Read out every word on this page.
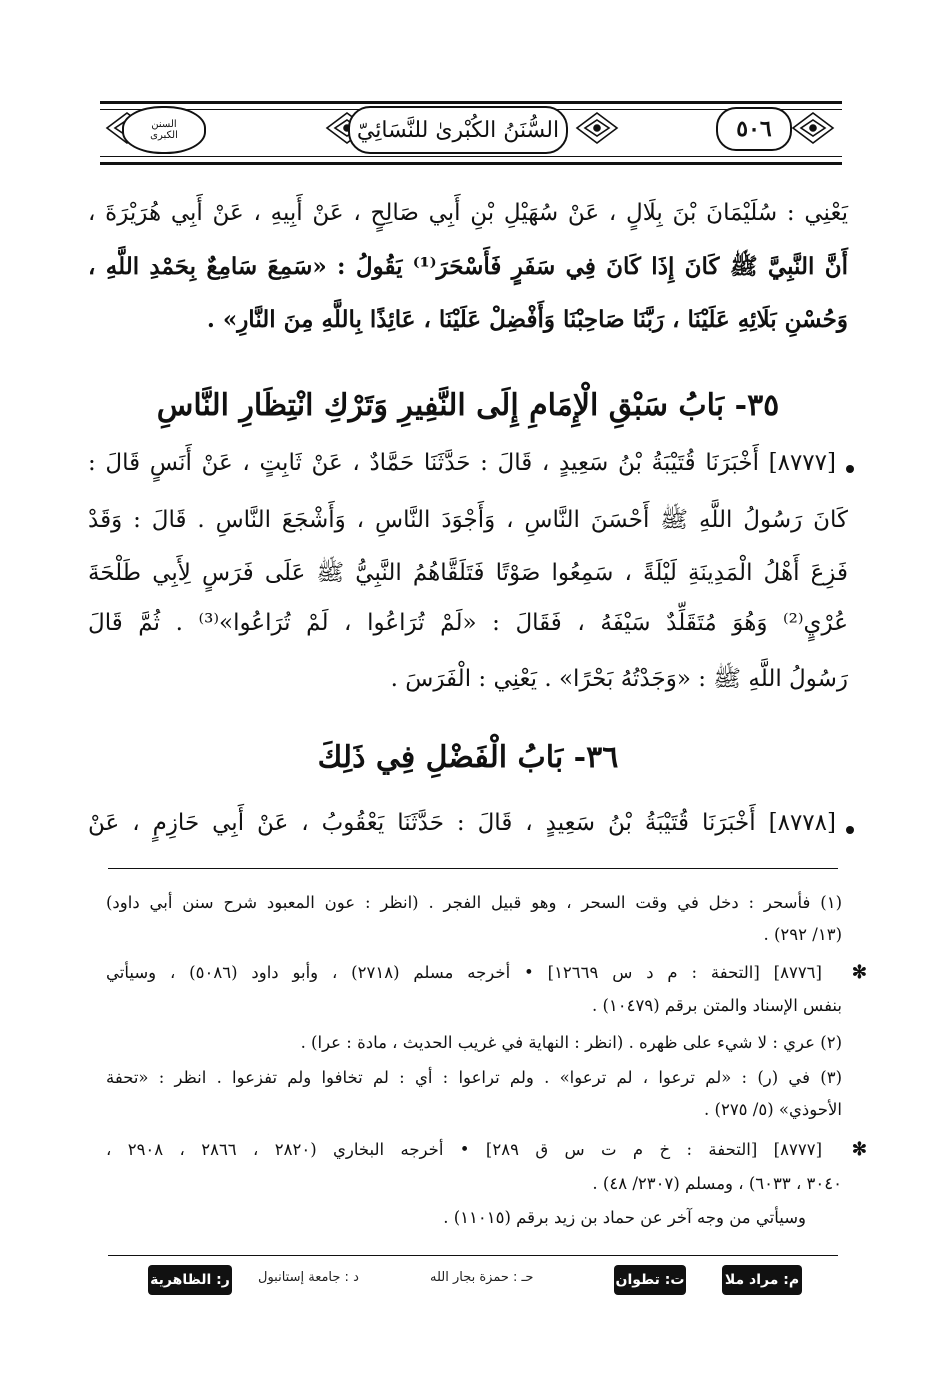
السنن
الكبرى	السُّنَنُ الكُبْرىٰ للنَّسَائِيّ	٥٠٦
يَعْنِي : سُلَيْمَانَ بْنَ بِلَالٍ ، عَنْ سُهَيْلِ بْنِ أَبِي صَالِحٍ ، عَنْ أَبِيهِ ، عَنْ أَبِي هُرَيْرَةَ ،
أَنَّ النَّبِيَّ ﷺ كَانَ إِذَا كَانَ فِي سَفَرٍ فَأَسْحَرَ⁽¹⁾ يَقُولُ : «سَمِعَ سَامِعٌ بِحَمْدِ اللَّهِ ،
وَحُسْنِ بَلَائِهِ عَلَيْنَا ، رَبَّنَا صَاحِبْنَا وَأَفْضِلْ عَلَيْنَا ، عَائِذًا بِاللَّهِ مِنَ النَّارِ» .
٣٥- بَابُ سَبْقِ الْإِمَامِ إِلَى النَّفِيرِ وَتَرْكِ انْتِظَارِ النَّاسِ
[٨٧٧٧] أَخْبَرَنَا قُتَيْبَةُ بْنُ سَعِيدٍ ، قَالَ : حَدَّثَنَا حَمَّادٌ ، عَنْ ثَابِتٍ ، عَنْ أَنَسٍ قَالَ :
كَانَ رَسُولُ اللَّهِ ﷺ أَحْسَنَ النَّاسِ ، وَأَجْوَدَ النَّاسِ ، وَأَشْجَعَ النَّاسِ . قَالَ : وَقَدْ
فَزِعَ أَهْلُ الْمَدِينَةِ لَيْلَةً ، سَمِعُوا صَوْتًا فَتَلَقَّاهُمُ النَّبِيُّ ﷺ عَلَى فَرَسٍ لِأَبِي طَلْحَةَ
عُرْيٍ⁽²⁾ وَهُوَ مُتَقَلِّدٌ سَيْفَهُ ، فَقَالَ : «لَمْ تُرَاعُوا ، لَمْ تُرَاعُوا»⁽³⁾ . ثُمَّ قَالَ
رَسُولُ اللَّهِ ﷺ : «وَجَدْتُهُ بَحْرًا» . يَعْنِي : الْفَرَسَ .
٣٦- بَابُ الْفَضْلِ فِي ذَلِكَ
[٨٧٧٨] أَخْبَرَنَا قُتَيْبَةُ بْنُ سَعِيدٍ ، قَالَ : حَدَّثَنَا يَعْقُوبُ ، عَنْ أَبِي حَازِمٍ ، عَنْ
(١) فأسحر : دخل في وقت السحر ، وهو قبيل الفجر . (انظر : عون المعبود شرح سنن أبي داود)
(١٣/ ٢٩٢) .
✻
[٨٧٧٦] [التحفة : م د س ١٢٦٦٩] • أخرجه مسلم (٢٧١٨) ، وأبو داود (٥٠٨٦) ، وسيأتي
بنفس الإسناد والمتن برقم (١٠٤٧٩) .
(٢) عري : لا شيء على ظهره . (انظر : النهاية في غريب الحديث ، مادة : عرا) .
(٣) في (ر) : «لم ترعوا ، لم ترعوا» . ولم تراعوا : أي : لم تخافوا ولم تفزعوا . انظر : «تحفة
الأحوذي» (٥/ ٢٧٥) .
✻
[٨٧٧٧] [التحفة : خ م ت س ق ٢٨٩] • أخرجه البخاري (٢٨٢٠ ، ٢٨٦٦ ، ٢٩٠٨ ،
٣٠٤٠ ، ٦٠٣٣) ، ومسلم (٢٣٠٧/ ٤٨) .
وسيأتي من وجه آخر عن حماد بن زيد برقم (١١٠١٥) .
م: مراد ملا
ت: تطوان
حـ : حمزة بجار الله
د : جامعة إستانبول
ر: الظاهرية
